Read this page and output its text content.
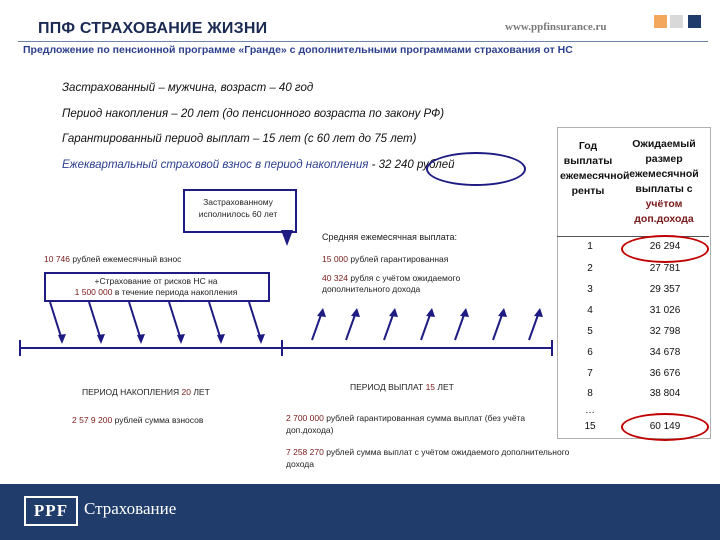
ППФ СТРАХОВАНИЕ ЖИЗНИ	www.ppfinsurance.ru
Предложение по пенсионной программе «Гранде» с дополнительными программами страхования от НС
Застрахованный – мужчина, возраст – 40 год
Период накопления – 20 лет (до пенсионного возраста по закону РФ)
Гарантированный период выплат – 15 лет (с 60 лет до 75 лет)
Ежеквартальный страховой взнос в период накопления - 32 240 рублей
Застрахованному исполнилось 60 лет
Средняя ежемесячная выплата:
10 746 рублей ежемесячный взнос
+Страхование от рисков НС на
1 500 000 в течение периода накопления
15 000 рублей гарантированная
40 324 рубля с учётом ожидаемого дополнительного дохода
ПЕРИОД НАКОПЛЕНИЯ 20 ЛЕТ	ПЕРИОД ВЫПЛАТ 15 ЛЕТ
2 57 9 200 рублей сумма взносов	2 700 000 рублей гарантированная сумма выплат (без учёта доп.дохода)
7 258 270 рублей сумма выплат с учётом ожидаемого дополнительного дохода
Год выплаты ежемесячной ренты
Ожидаемый размер ежемесячной выплаты с учётом доп.дохода
1	26 294
2	27 781
3	29 357
4	31 026
5	32 798
6	34 678
7	36 676
8	38 804
…
15	60 149
PPF Страхование
